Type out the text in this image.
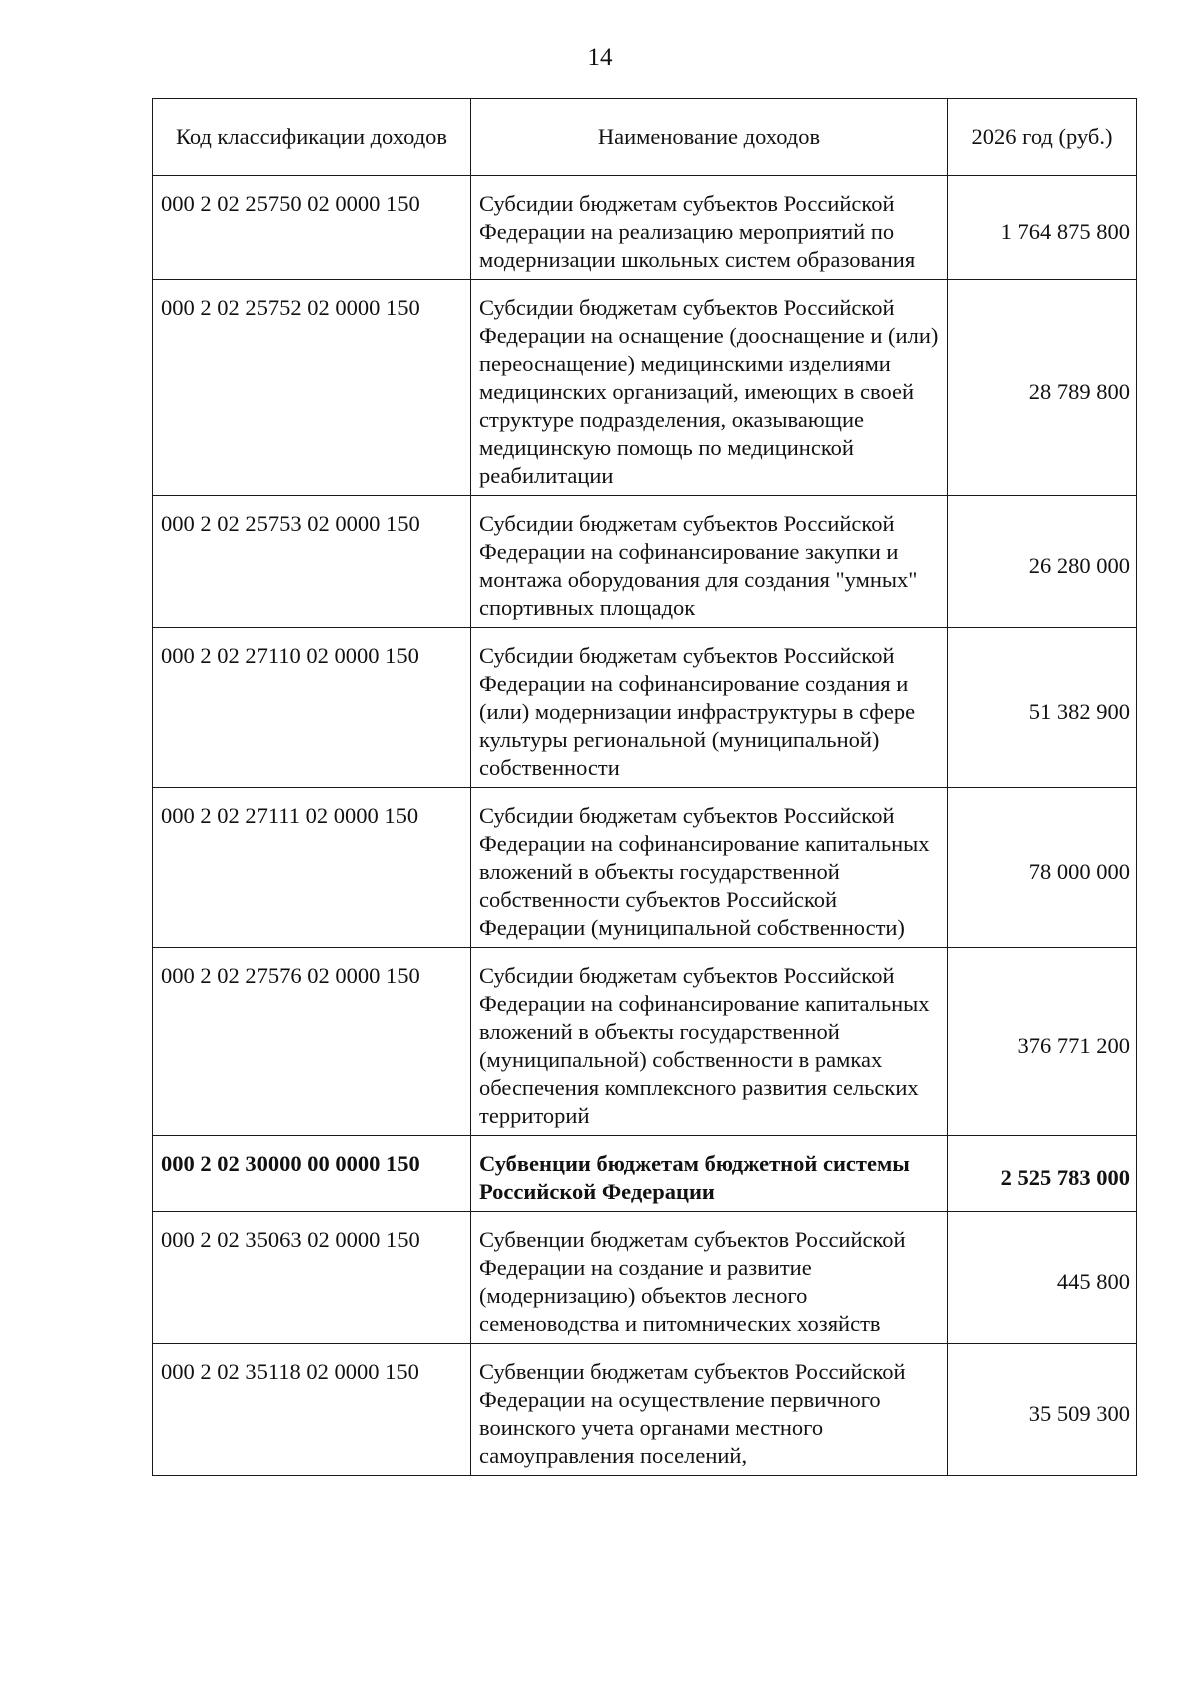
14
Код классификации доходов	Наименование доходов	2026 год (руб.)
000 2 02 25750 02 0000 150	Субсидии бюджетам субъектов Российской Федерации на реализацию мероприятий по модернизации школьных систем образования	1 764 875 800
000 2 02 25752 02 0000 150	Субсидии бюджетам субъектов Российской Федерации на оснащение (дооснащение и (или) переоснащение) медицинскими изделиями медицинских организаций, имеющих в своей структуре подразделения, оказывающие медицинскую помощь по медицинской реабилитации	28 789 800
000 2 02 25753 02 0000 150	Субсидии бюджетам субъектов Российской Федерации на софинансирование закупки и монтажа оборудования для создания "умных" спортивных площадок	26 280 000
000 2 02 27110 02 0000 150	Субсидии бюджетам субъектов Российской Федерации на софинансирование создания и (или) модернизации инфраструктуры в сфере культуры региональной (муниципальной) собственности	51 382 900
000 2 02 27111 02 0000 150	Субсидии бюджетам субъектов Российской Федерации на софинансирование капитальных вложений в объекты государственной собственности субъектов Российской Федерации (муниципальной собственности)	78 000 000
000 2 02 27576 02 0000 150	Субсидии бюджетам субъектов Российской Федерации на софинансирование капитальных вложений в объекты государственной (муниципальной) собственности в рамках обеспечения комплексного развития сельских территорий	376 771 200
000 2 02 30000 00 0000 150	Субвенции бюджетам бюджетной системы Российской Федерации	2 525 783 000
000 2 02 35063 02 0000 150	Субвенции бюджетам субъектов Российской Федерации на создание и развитие (модернизацию) объектов лесного семеноводства и питомнических хозяйств	445 800
000 2 02 35118 02 0000 150	Субвенции бюджетам субъектов Российской Федерации на осуществление первичного воинского учета органами местного самоуправления поселений,	35 509 300
